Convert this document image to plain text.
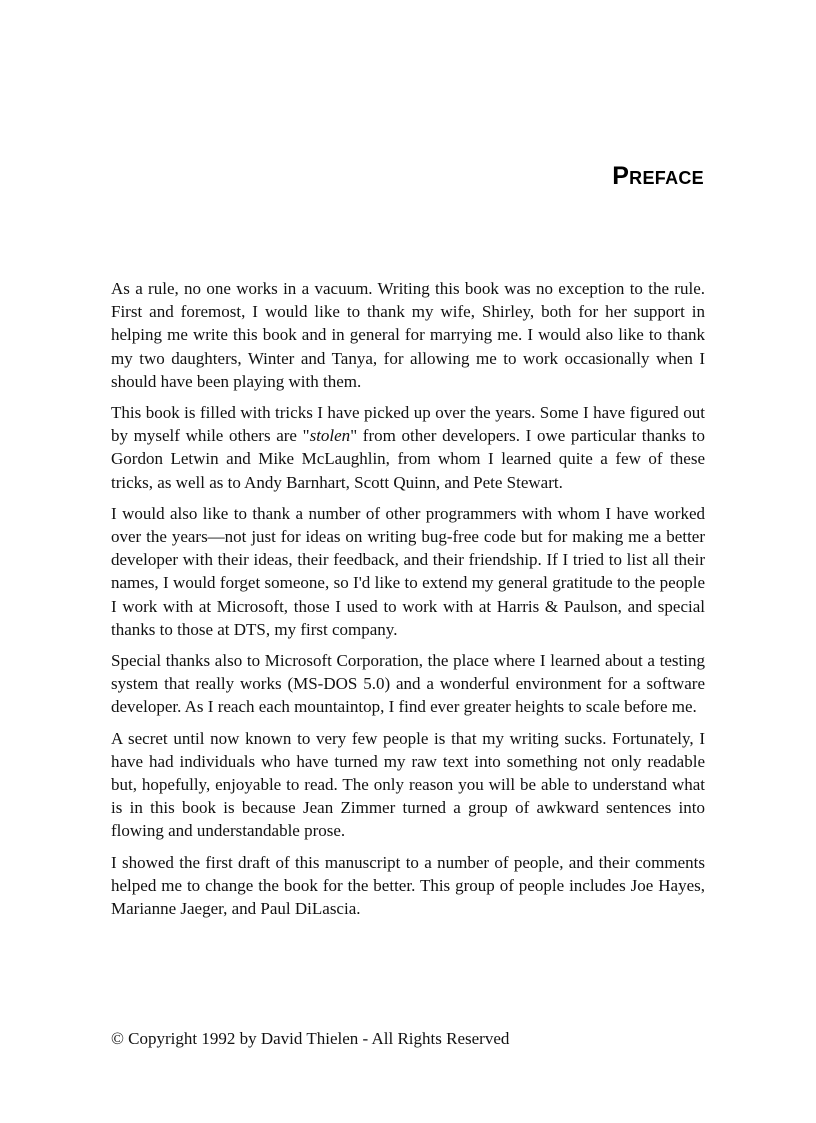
Preface

As a rule, no one works in a vacuum. Writing this book was no exception to the rule. First and foremost, I would like to thank my wife, Shirley, both for her support in helping me write this book and in general for marrying me. I would also like to thank my two daughters, Winter and Tanya, for allowing me to work occasionally when I should have been playing with them.

This book is filled with tricks I have picked up over the years. Some I have figured out by myself while others are "stolen" from other developers. I owe particular thanks to Gordon Letwin and Mike McLaughlin, from whom I learned quite a few of these tricks, as well as to Andy Barnhart, Scott Quinn, and Pete Stewart.

I would also like to thank a number of other programmers with whom I have worked over the years—not just for ideas on writing bug-free code but for making me a better developer with their ideas, their feedback, and their friendship. If I tried to list all their names, I would forget someone, so I'd like to extend my general gratitude to the people I work with at Microsoft, those I used to work with at Harris & Paulson, and special thanks to those at DTS, my first company.

Special thanks also to Microsoft Corporation, the place where I learned about a testing system that really works (MS-DOS 5.0) and a wonderful environment for a software developer. As I reach each mountaintop, I find ever greater heights to scale before me.

A secret until now known to very few people is that my writing sucks. Fortunately, I have had individuals who have turned my raw text into something not only readable but, hopefully, enjoyable to read. The only reason you will be able to understand what is in this book is because Jean Zimmer turned a group of awkward sentences into flowing and understandable prose.

I showed the first draft of this manuscript to a number of people, and their comments helped me to change the book for the better. This group of people includes Joe Hayes, Marianne Jaeger, and Paul DiLascia.

© Copyright 1992 by David Thielen - All Rights Reserved
